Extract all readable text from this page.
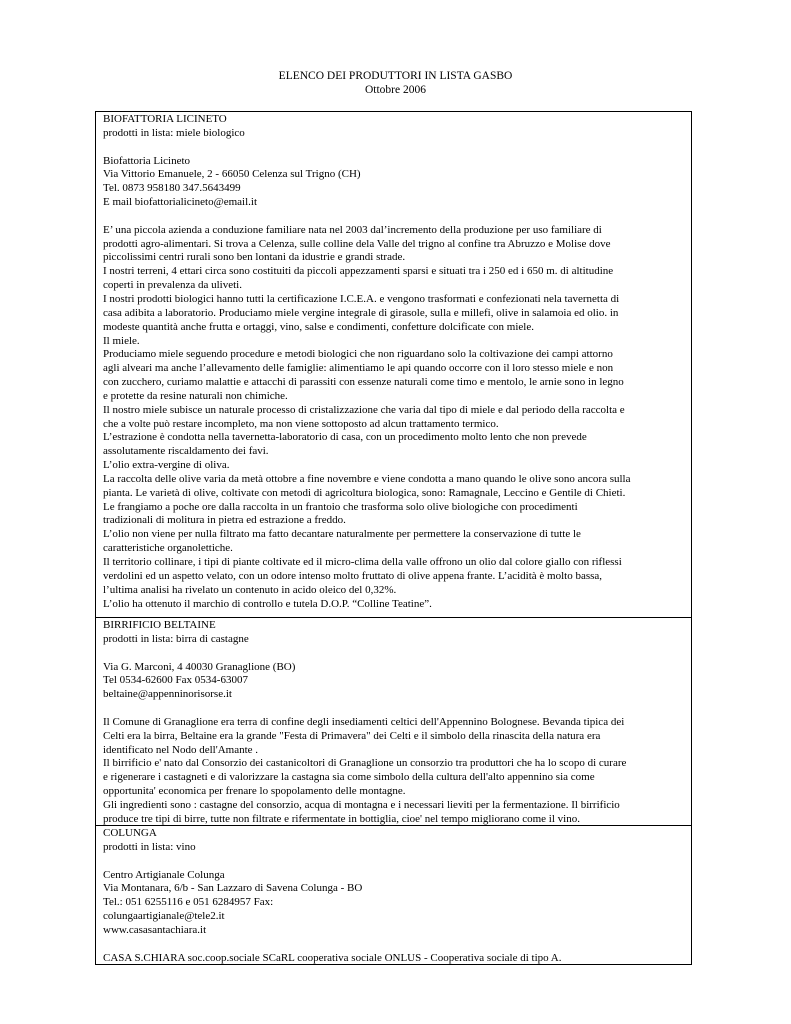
ELENCO DEI PRODUTTORI IN LISTA GASBO
Ottobre 2006
BIOFATTORIA LICINETO
prodotti in lista: miele biologico
Biofattoria Licineto
Via Vittorio Emanuele, 2 - 66050 Celenza sul Trigno (CH)
Tel. 0873 958180 347.5643499
E mail biofattorialicineto@email.it
E’ una piccola azienda a conduzione familiare nata nel 2003 dal’incremento della produzione per uso familiare di
prodotti agro-alimentari. Si trova a Celenza, sulle colline dela Valle del trigno al confine tra Abruzzo e Molise dove
piccolissimi centri rurali sono ben lontani da idustrie e grandi strade.
I nostri terreni, 4 ettari circa sono costituiti da piccoli appezzamenti sparsi e situati tra i 250 ed i 650 m. di altitudine
coperti in prevalenza da uliveti.
I nostri prodotti biologici hanno tutti la certificazione I.C.E.A. e vengono trasformati e confezionati nela tavernetta di
casa adibita a laboratorio. Produciamo miele vergine integrale di girasole, sulla e millefi, olive in salamoia ed olio. in
modeste quantità anche frutta e ortaggi, vino, salse e condimenti, confetture dolcificate con miele.
Il miele.
Produciamo miele seguendo procedure e metodi biologici che non riguardano solo la coltivazione dei campi attorno
agli alveari ma anche l’allevamento delle famiglie: alimentiamo le api quando occorre con il loro stesso miele e non
con zucchero, curiamo malattie e attacchi di parassiti con essenze naturali come timo e mentolo, le arnie sono in legno
e protette da resine naturali non chimiche.
Il nostro miele subisce un naturale processo di cristalizzazione che varia dal tipo di miele e dal periodo della raccolta e
che a volte può restare incompleto, ma non viene sottoposto ad alcun trattamento termico.
L’estrazione è condotta nella tavernetta-laboratorio di casa, con un procedimento molto lento che non prevede
assolutamente riscaldamento dei favi.
L’olio extra-vergine di oliva.
La raccolta delle olive varia da metà ottobre a fine novembre e viene condotta a mano quando le olive sono ancora sulla
pianta. Le varietà di olive, coltivate con metodi di agricoltura biologica, sono: Ramagnale, Leccino e Gentile di Chieti.
Le frangiamo a poche ore dalla raccolta in un frantoio che trasforma solo olive biologiche con procedimenti
tradizionali di molitura in pietra ed estrazione a freddo.
L’olio non viene per nulla filtrato ma fatto decantare naturalmente per permettere la conservazione di tutte le
caratteristiche organolettiche.
Il territorio collinare, i tipi di piante coltivate ed il micro-clima della valle offrono un olio dal colore giallo con riflessi
verdolini ed un aspetto velato, con un odore intenso molto fruttato di olive appena frante. L’acidità è molto bassa,
l’ultima analisi ha rivelato un contenuto in acido oleico del 0,32%.
L’olio ha ottenuto il marchio di controllo e tutela D.O.P. “Colline Teatine”.
BIRRIFICIO BELTAINE
prodotti in lista: birra di castagne
Via G. Marconi, 4 40030 Granaglione (BO)
Tel 0534-62600 Fax 0534-63007
beltaine@appenninorisorse.it
Il Comune di Granaglione era terra di confine degli insediamenti celtici dell'Appennino Bolognese. Bevanda tipica dei
Celti era la birra, Beltaine era la grande "Festa di Primavera" dei Celti e il simbolo della rinascita della natura era
identificato nel Nodo dell'Amante .
Il birrificio e' nato dal Consorzio dei castanicoltori di Granaglione un consorzio tra produttori che ha lo scopo di curare
e rigenerare i castagneti e di valorizzare la castagna sia come simbolo della cultura dell'alto appennino sia come
opportunita' economica per frenare lo spopolamento delle montagne.
Gli ingredienti sono : castagne del consorzio, acqua di montagna e i necessari lieviti per la fermentazione. Il birrificio
produce tre tipi di birre, tutte non filtrate e rifermentate in bottiglia, cioe' nel tempo migliorano come il vino.
COLUNGA
prodotti in lista: vino
Centro Artigianale Colunga
Via Montanara, 6/b - San Lazzaro di Savena Colunga - BO
Tel.: 051 6255116 e 051 6284957 Fax:
colungaartigianale@tele2.it
www.casasantachiara.it
CASA S.CHIARA soc.coop.sociale SCaRL cooperativa sociale ONLUS - Cooperativa sociale di tipo A.
